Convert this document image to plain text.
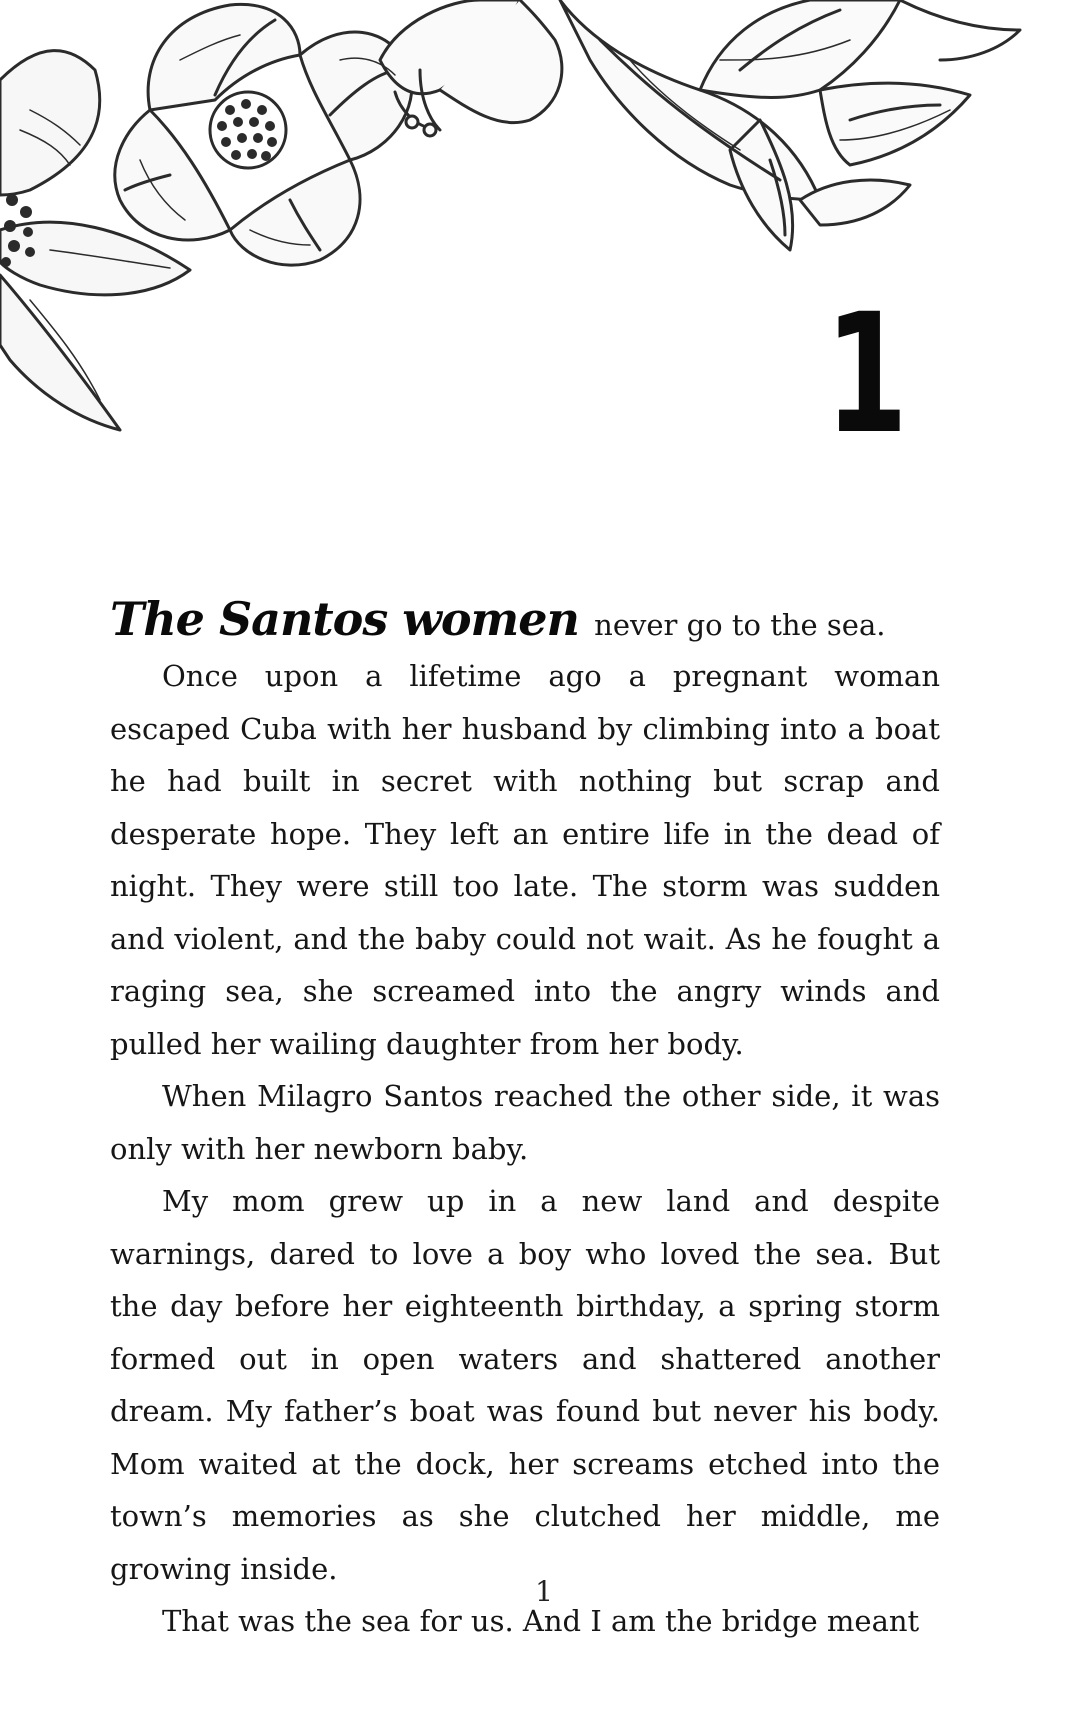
1

The Santos women never go to the sea.

Once upon a lifetime ago a pregnant woman escaped Cuba with her husband by climbing into a boat he had built in secret with nothing but scrap and desperate hope. They left an entire life in the dead of night. They were still too late. The storm was sudden and violent, and the baby could not wait. As he fought a raging sea, she screamed into the angry winds and pulled her wailing daughter from her body.

When Milagro Santos reached the other side, it was only with her newborn baby.

My mom grew up in a new land and despite warnings, dared to love a boy who loved the sea. But the day before her eighteenth birthday, a spring storm formed out in open waters and shattered another dream. My father’s boat was found but never his body. Mom waited at the dock, her screams etched into the town’s memories as she clutched her middle, me growing inside.

That was the sea for us. And I am the bridge meant

1
